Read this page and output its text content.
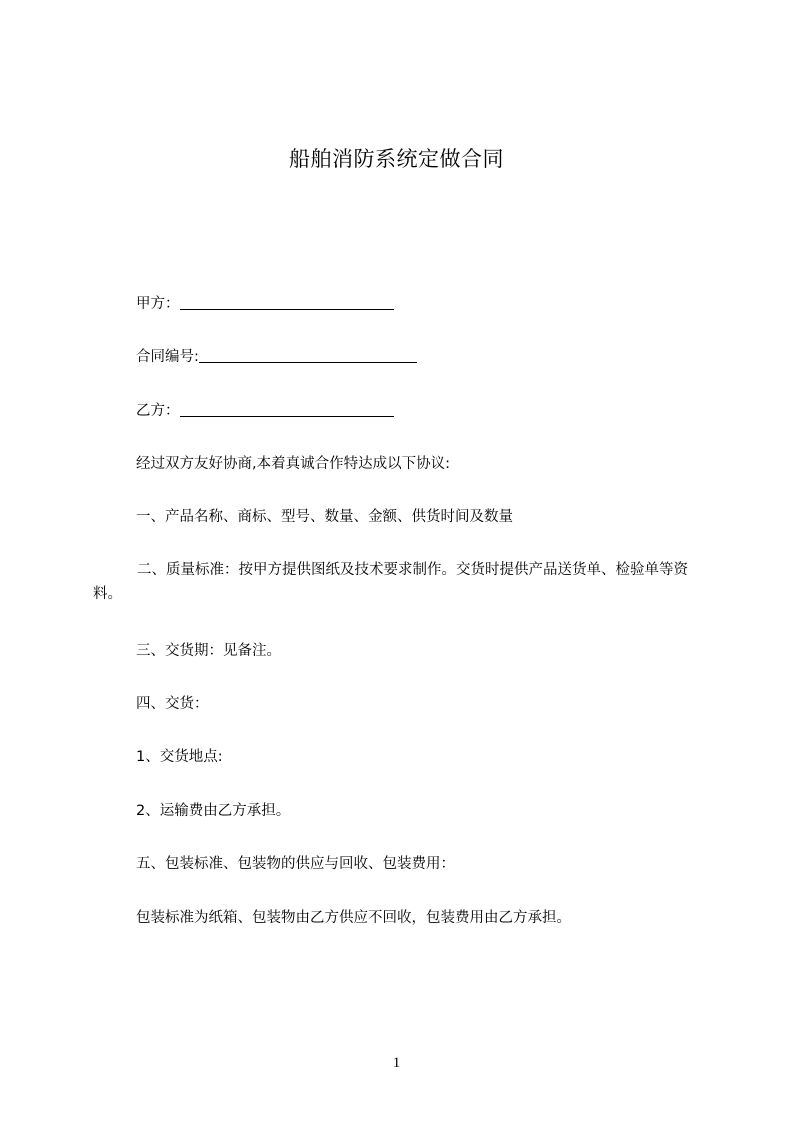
船舶消防系统定做合同
甲方：
合同编号:
乙方：
经过双方友好协商,本着真诚合作特达成以下协议:
一、产品名称、商标、型号、数量、金额、供货时间及数量
二、质量标准：按甲方提供图纸及技术要求制作。交货时提供产品送货单、检验单等资料。
三、交货期：见备注。
四、交货：
1、交货地点:
2、运输费由乙方承担。
五、包装标准、包装物的供应与回收、包装费用：
包装标准为纸箱、包装物由乙方供应不回收，包装费用由乙方承担。
1
